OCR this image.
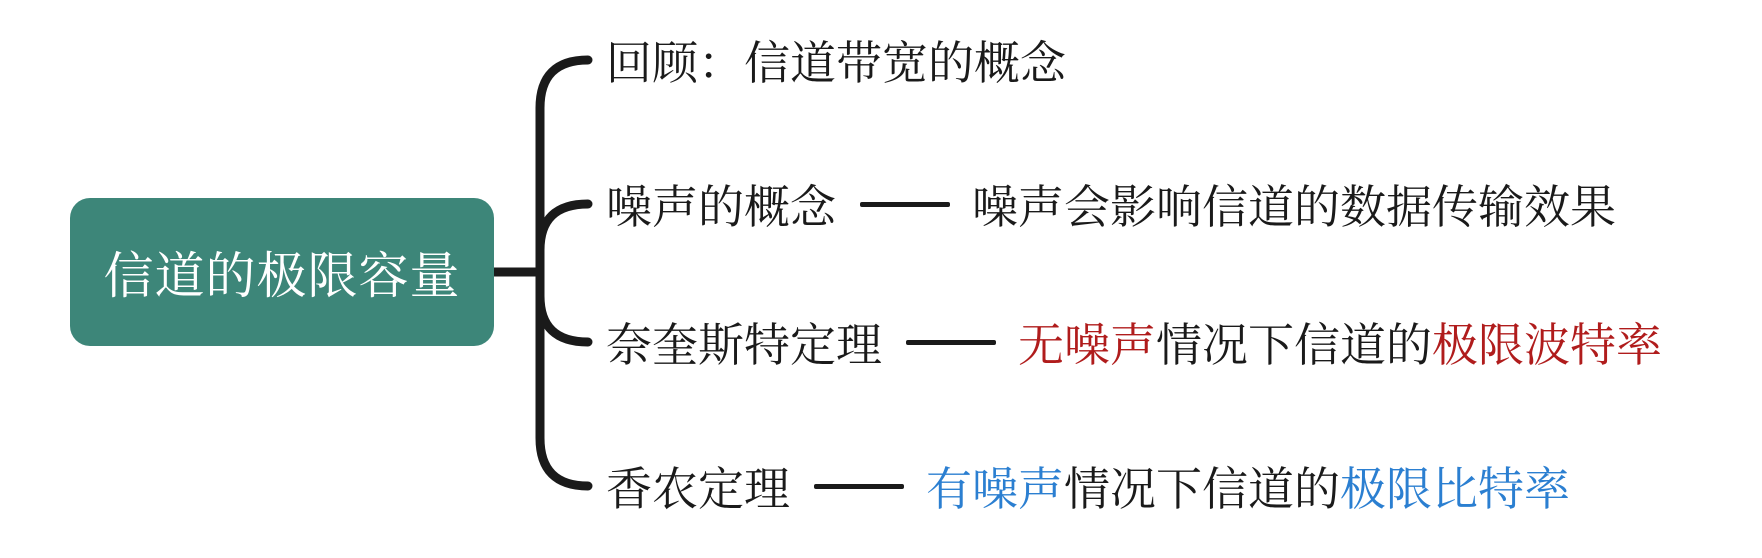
信道的极限容量
回顾：信道带宽的概念
噪声的概念	噪声会影响信道的数据传输效果
奈奎斯特定理	无噪声情况下信道的极限波特率
香农定理	有噪声情况下信道的极限比特率
